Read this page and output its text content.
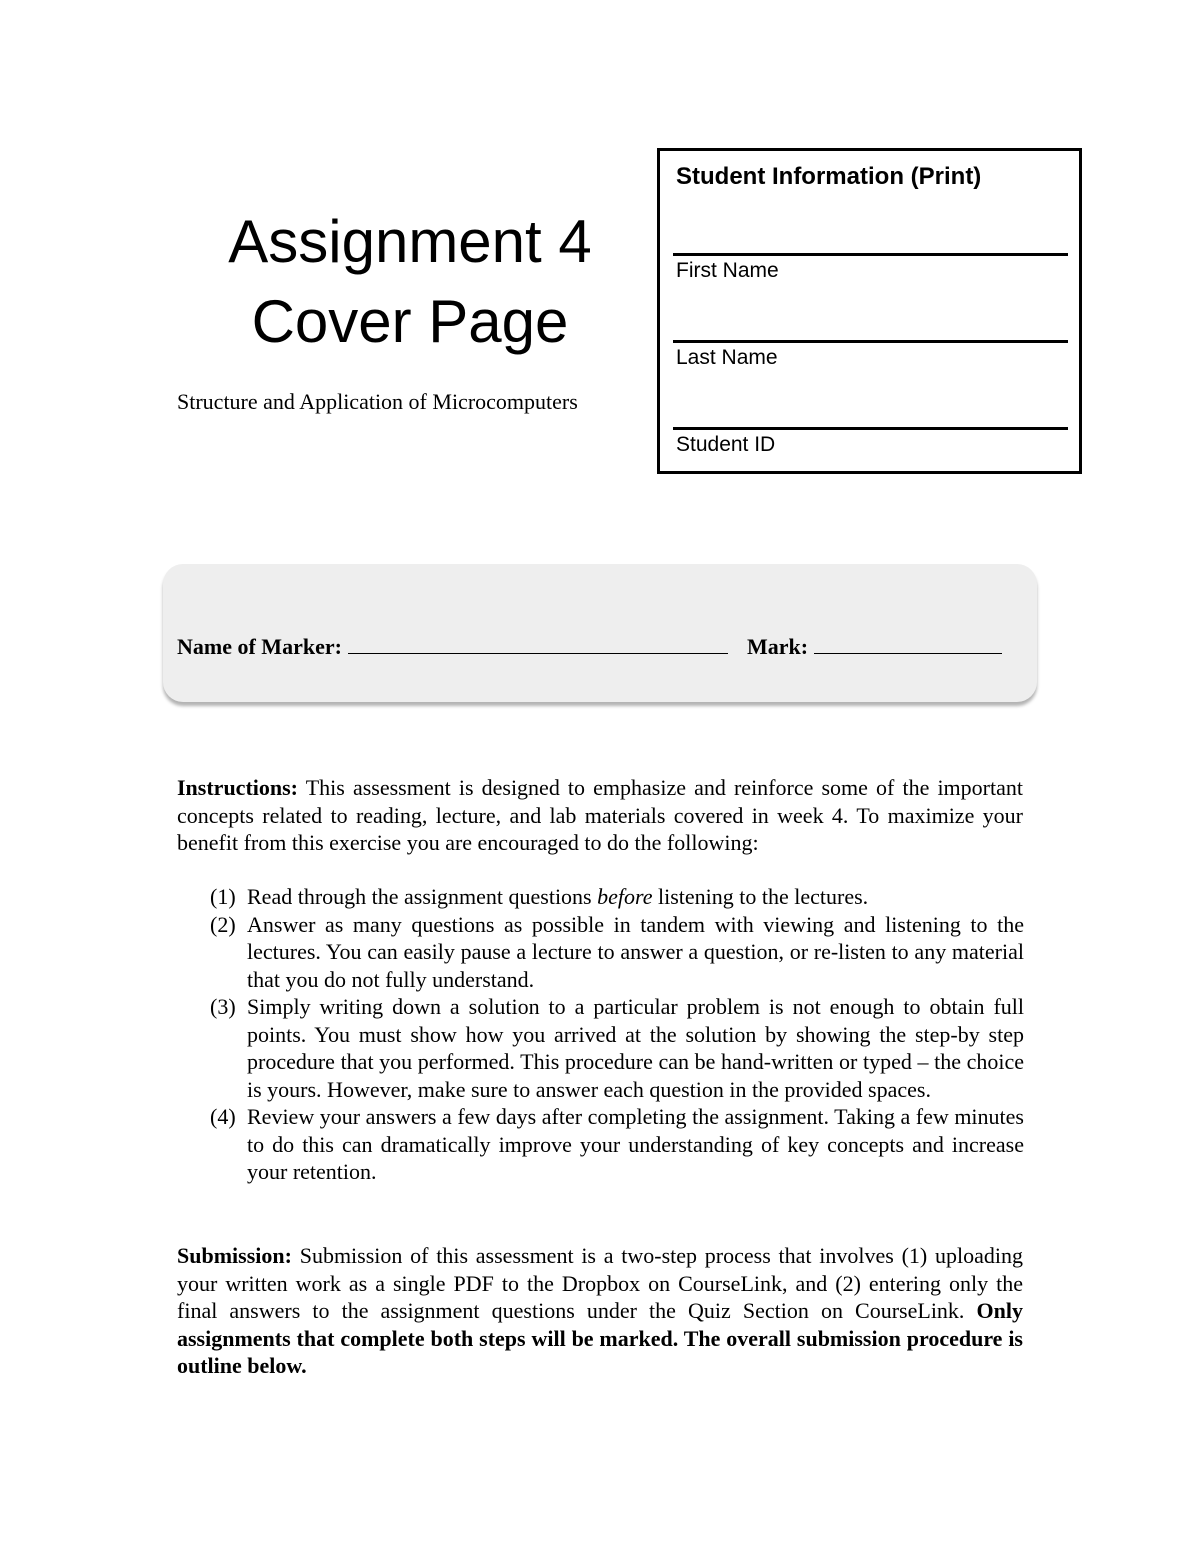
Assignment 4
Cover Page
Structure and Application of Microcomputers
Student Information (Print)
First Name
Last Name
Student ID
Name of Marker:	Mark:

Instructions: This assessment is designed to emphasize and reinforce some of the important concepts related to reading, lecture, and lab materials covered in week 4. To maximize your benefit from this exercise you are encouraged to do the following:

(1) Read through the assignment questions before listening to the lectures.
(2) Answer as many questions as possible in tandem with viewing and listening to the lectures. You can easily pause a lecture to answer a question, or re-listen to any material that you do not fully understand.
(3) Simply writing down a solution to a particular problem is not enough to obtain full points. You must show how you arrived at the solution by showing the step-by step procedure that you performed. This procedure can be hand-written or typed – the choice is yours. However, make sure to answer each question in the provided spaces.
(4) Review your answers a few days after completing the assignment. Taking a few minutes to do this can dramatically improve your understanding of key concepts and increase your retention.

Submission: Submission of this assessment is a two-step process that involves (1) uploading your written work as a single PDF to the Dropbox on CourseLink, and (2) entering only the final answers to the assignment questions under the Quiz Section on CourseLink. Only assignments that complete both steps will be marked. The overall submission procedure is outline below.
